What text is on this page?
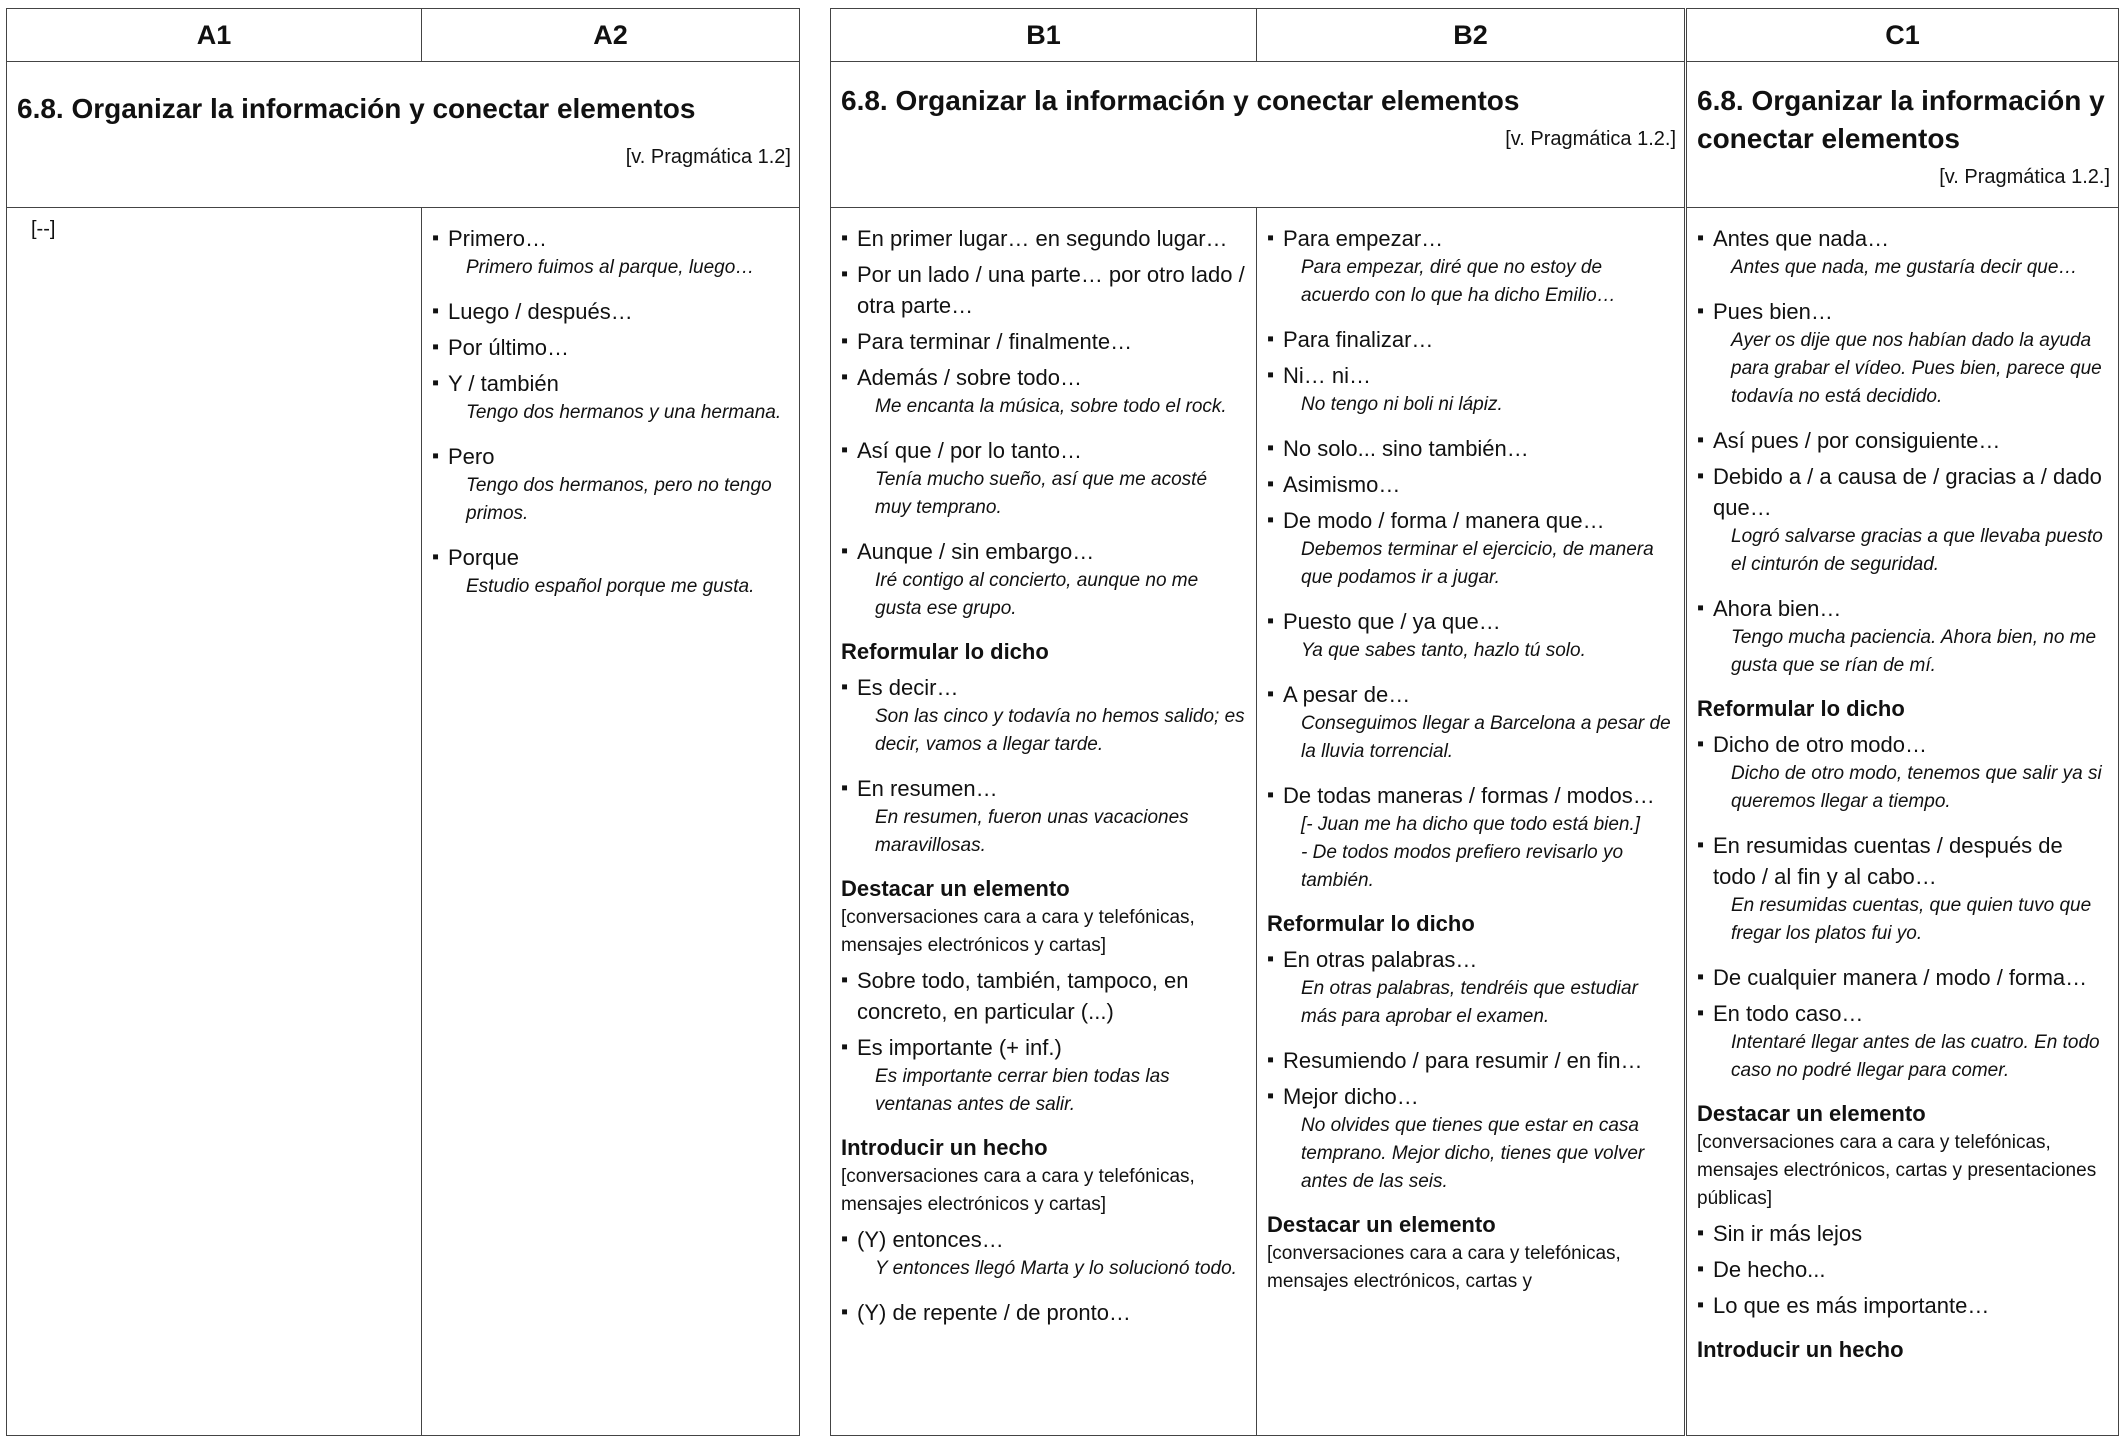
A1	A2
6.8. Organizar la información y conectar elementos
[v. Pragmática 1.2]
[--]
▪	Primero…
Primero fuimos al parque, luego…
▪ Luego / después…
▪ Por último…
▪ Y / también
Tengo dos hermanos y una hermana.
▪ Pero
Tengo dos hermanos, pero no tengo primos.
▪ Porque
Estudio español porque me gusta.
B1	B2
6.8. Organizar la información y conectar elementos
[v. Pragmática 1.2.]
▪ En primer lugar… en segundo lugar…
▪ Por un lado / una parte… por otro lado / otra parte…
▪ Para terminar / finalmente…
▪ Además / sobre todo…
Me encanta la música, sobre todo el rock.
▪ Así que / por lo tanto…
Tenía mucho sueño, así que me acosté muy temprano.
▪ Aunque / sin embargo…
Iré contigo al concierto, aunque no me gusta ese grupo.
Reformular lo dicho
▪ Es decir…
Son las cinco y todavía no hemos salido; es decir, vamos a llegar tarde.
▪ En resumen…
En resumen, fueron unas vacaciones maravillosas.
Destacar un elemento
[conversaciones cara a cara y telefónicas, mensajes electrónicos y cartas]
▪ Sobre todo, también, tampoco, en concreto, en particular (...)
▪ Es importante (+ inf.)
Es importante cerrar bien todas las ventanas antes de salir.
Introducir un hecho
[conversaciones cara a cara y telefónicas, mensajes electrónicos y cartas]
▪ (Y) entonces…
Y entonces llegó Marta y lo solucionó todo.
▪ (Y) de repente / de pronto…
▪ Para empezar…
Para empezar, diré que no estoy de acuerdo con lo que ha dicho Emilio…
▪ Para finalizar…
▪ Ni… ni…
No tengo ni boli ni lápiz.
▪ No solo... sino también…
▪ Asimismo…
▪ De modo / forma / manera que…
Debemos terminar el ejercicio, de manera que podamos ir a jugar.
▪ Puesto que / ya que…
Ya que sabes tanto, hazlo tú solo.
▪ A pesar de…
Conseguimos llegar a Barcelona a pesar de la lluvia torrencial.
▪ De todas maneras / formas / modos…
[- Juan me ha dicho que todo está bien.]
- De todos modos prefiero revisarlo yo también.
Reformular lo dicho
▪ En otras palabras…
En otras palabras, tendréis que estudiar más para aprobar el examen.
▪ Resumiendo / para resumir / en fin…
▪ Mejor dicho…
No olvides que tienes que estar en casa temprano. Mejor dicho, tienes que volver antes de las seis.
Destacar un elemento
[conversaciones cara a cara y telefónicas, mensajes electrónicos, cartas y
C1
6.8. Organizar la información y conectar elementos
[v. Pragmática 1.2.]
▪ Antes que nada…
Antes que nada, me gustaría decir que…
▪ Pues bien…
Ayer os dije que nos habían dado la ayuda para grabar el vídeo. Pues bien, parece que todavía no está decidido.
▪ Así pues / por consiguiente…
▪ Debido a / a causa de / gracias a / dado que…
Logró salvarse gracias a que llevaba puesto el cinturón de seguridad.
▪ Ahora bien…
Tengo mucha paciencia. Ahora bien, no me gusta que se rían de mí.
Reformular lo dicho
▪ Dicho de otro modo…
Dicho de otro modo, tenemos que salir ya si queremos llegar a tiempo.
▪ En resumidas cuentas / después de todo / al fin y al cabo…
En resumidas cuentas, que quien tuvo que fregar los platos fui yo.
▪ De cualquier manera / modo / forma…
▪ En todo caso…
Intentaré llegar antes de las cuatro. En todo caso no podré llegar para comer.
Destacar un elemento
[conversaciones cara a cara y telefónicas, mensajes electrónicos, cartas y presentaciones públicas]
▪ Sin ir más lejos
▪ De hecho...
▪ Lo que es más importante…
Introducir un hecho
